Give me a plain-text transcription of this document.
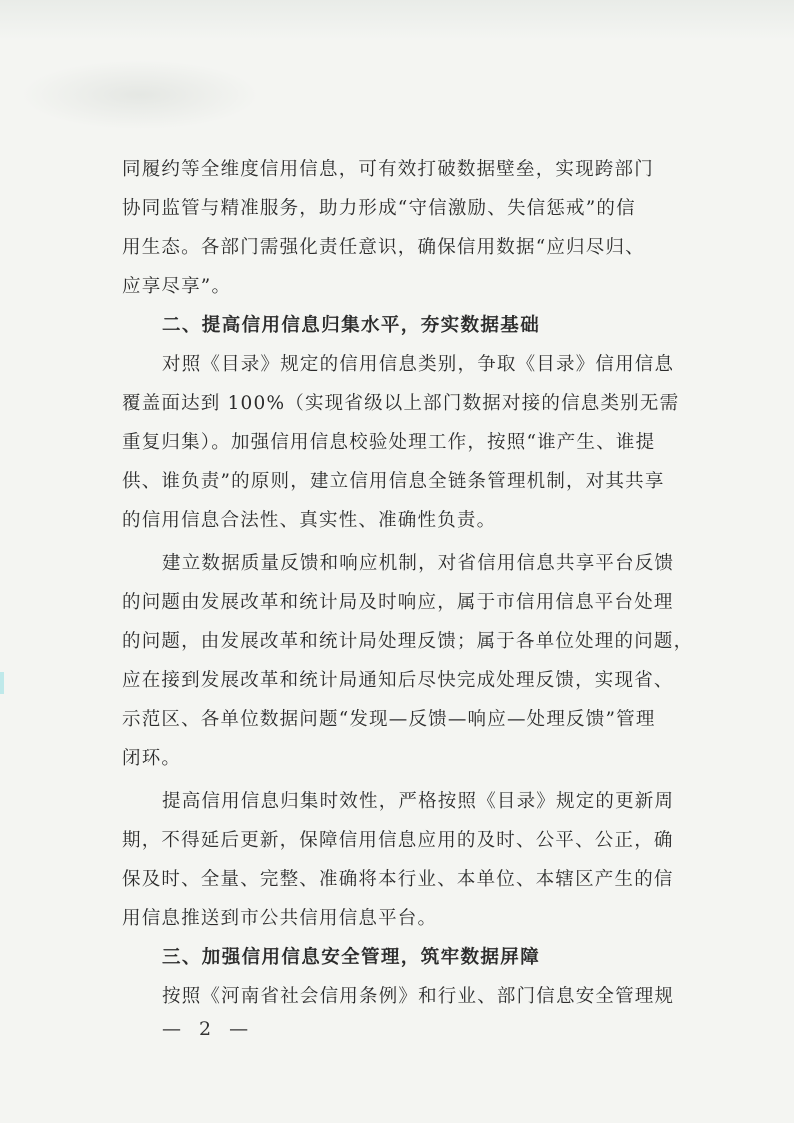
同履约等全维度信用信息，可有效打破数据壁垒，实现跨部门
协同监管与精准服务，助力形成“守信激励、失信惩戒”的信
用生态。各部门需强化责任意识，确保信用数据“应归尽归、
应享尽享”。

二、提高信用信息归集水平，夯实数据基础

对照《目录》规定的信用信息类别，争取《目录》信用信息
覆盖面达到 100%（实现省级以上部门数据对接的信息类别无需
重复归集）。加强信用信息校验处理工作，按照“谁产生、谁提
供、谁负责”的原则，建立信用信息全链条管理机制，对其共享
的信用信息合法性、真实性、准确性负责。

建立数据质量反馈和响应机制，对省信用信息共享平台反馈
的问题由发展改革和统计局及时响应，属于市信用信息平台处理
的问题，由发展改革和统计局处理反馈；属于各单位处理的问题，
应在接到发展改革和统计局通知后尽快完成处理反馈，实现省、
示范区、各单位数据问题“发现—反馈—响应—处理反馈”管理
闭环。

提高信用信息归集时效性，严格按照《目录》规定的更新周
期，不得延后更新，保障信用信息应用的及时、公平、公正，确
保及时、全量、完整、准确将本行业、本单位、本辖区产生的信
用信息推送到市公共信用信息平台。

三、加强信用信息安全管理，筑牢数据屏障

按照《河南省社会信用条例》和行业、部门信息安全管理规

— 2 —
